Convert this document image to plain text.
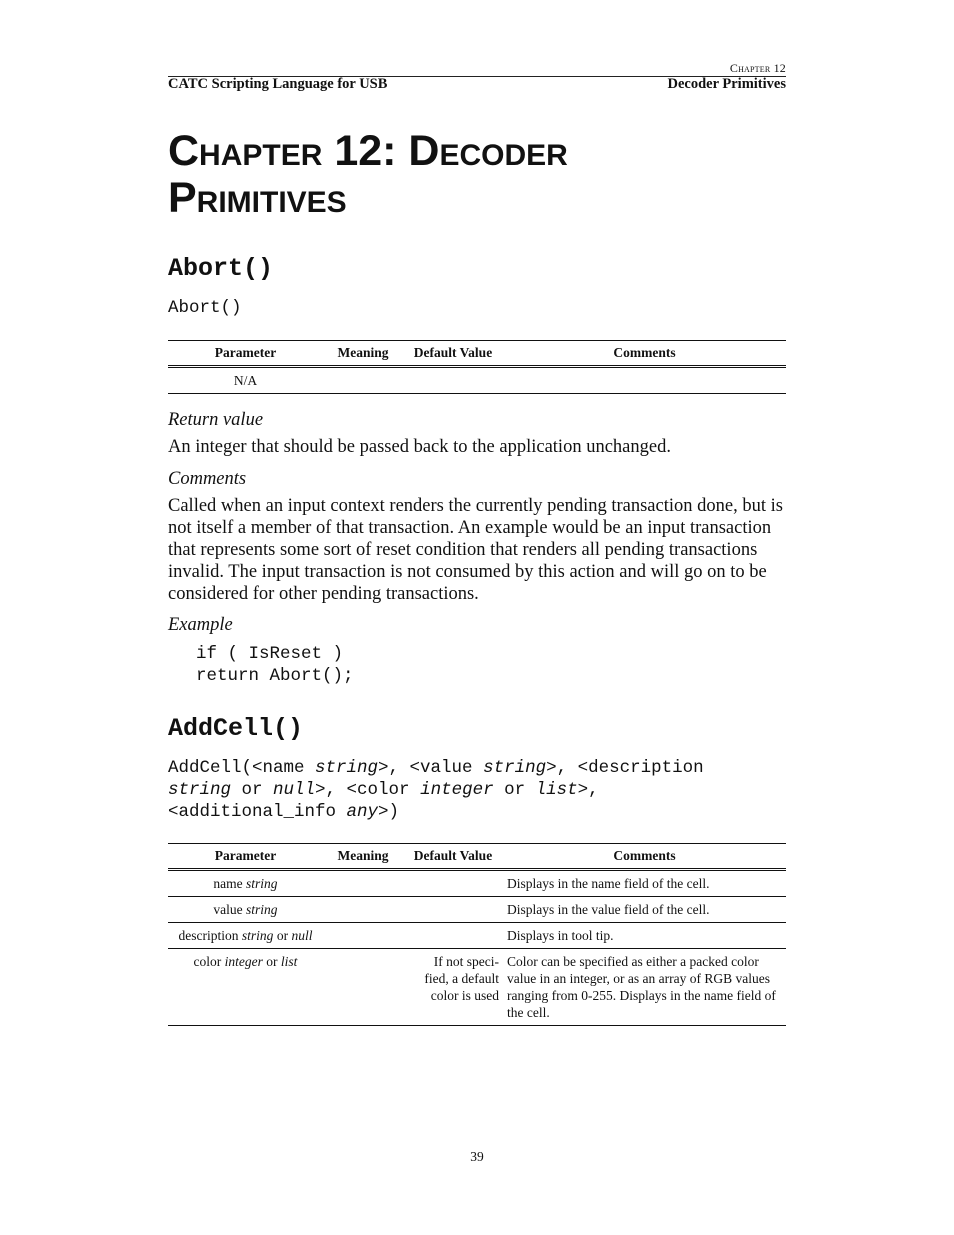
Chapter 12
CATC Scripting Language for USB	Decoder Primitives
Chapter 12: Decoder
Primitives
Abort()
Abort()
Parameter	Meaning	Default Value	Comments
N/A			
Return value
An integer that should be passed back to the application unchanged.
Comments
Called when an input context renders the currently pending transaction done, but is not itself a member of that transaction. An example would be an input transaction that represents some sort of reset condition that renders all pending transactions invalid. The input transaction is not consumed by this action and will go on to be considered for other pending transactions.
Example
if ( IsReset )
return Abort();
AddCell()
AddCell(<name string>, <value string>, <description
string or null>, <color integer or list>,
<additional_info any>)
Parameter	Meaning	Default Value	Comments
name string			Displays in the name field of the cell.
value string			Displays in the value field of the cell.
description string or null			Displays in tool tip.
color integer or list		If not speci-fied, a default color is used	Color can be specified as either a packed color value in an integer, or as an array of RGB values ranging from 0-255. Displays in the name field of the cell.
39
